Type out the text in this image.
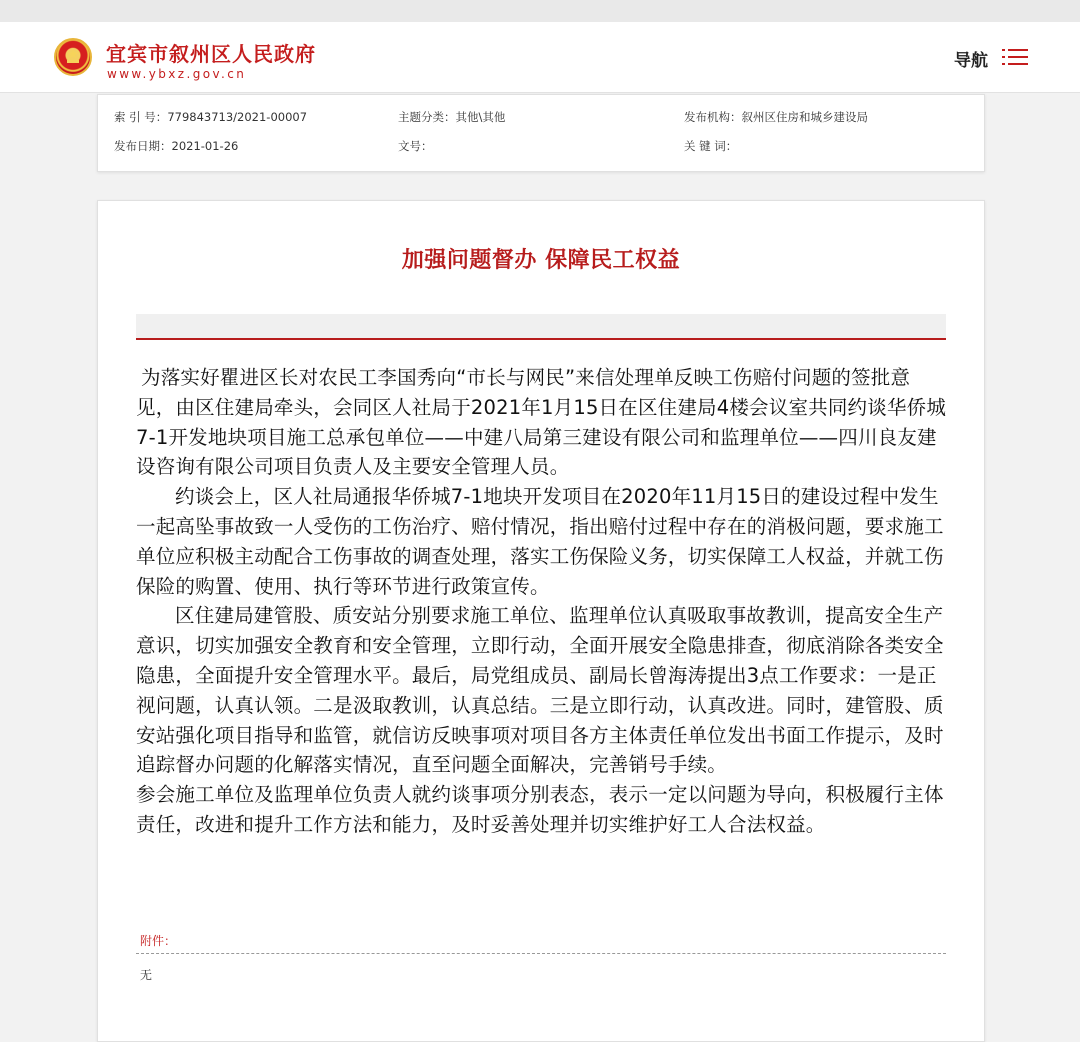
宜宾市叙州区人民政府
www.ybxz.gov.cn
导航
索 引 号：779843713/2021-00007	主题分类：其他\其他	发布机构：叙州区住房和城乡建设局
发布日期：2021-01-26	文号：	关 键 词：
加强问题督办 保障民工权益

为落实好瞿进区长对农民工李国秀向“市长与网民”来信处理单反映工伤赔付问题的签批意见，由区住建局牵头，会同区人社局于2021年1月15日在区住建局4楼会议室共同约谈华侨城7-1开发地块项目施工总承包单位——中建八局第三建设有限公司和监理单位——四川良友建设咨询有限公司项目负责人及主要安全管理人员。

约谈会上，区人社局通报华侨城7-1地块开发项目在2020年11月15日的建设过程中发生一起高坠事故致一人受伤的工伤治疗、赔付情况，指出赔付过程中存在的消极问题，要求施工单位应积极主动配合工伤事故的调查处理，落实工伤保险义务，切实保障工人权益，并就工伤保险的购置、使用、执行等环节进行政策宣传。

区住建局建管股、质安站分别要求施工单位、监理单位认真吸取事故教训，提高安全生产意识，切实加强安全教育和安全管理，立即行动，全面开展安全隐患排查，彻底消除各类安全隐患，全面提升安全管理水平。最后，局党组成员、副局长曾海涛提出3点工作要求：一是正视问题，认真认领。二是汲取教训，认真总结。三是立即行动，认真改进。同时，建管股、质安站强化项目指导和监管，就信访反映事项对项目各方主体责任单位发出书面工作提示，及时追踪督办问题的化解落实情况，直至问题全面解决，完善销号手续。

参会施工单位及监理单位负责人就约谈事项分别表态，表示一定以问题为导向，积极履行主体责任，改进和提升工作方法和能力，及时妥善处理并切实维护好工人合法权益。

附件：
无
